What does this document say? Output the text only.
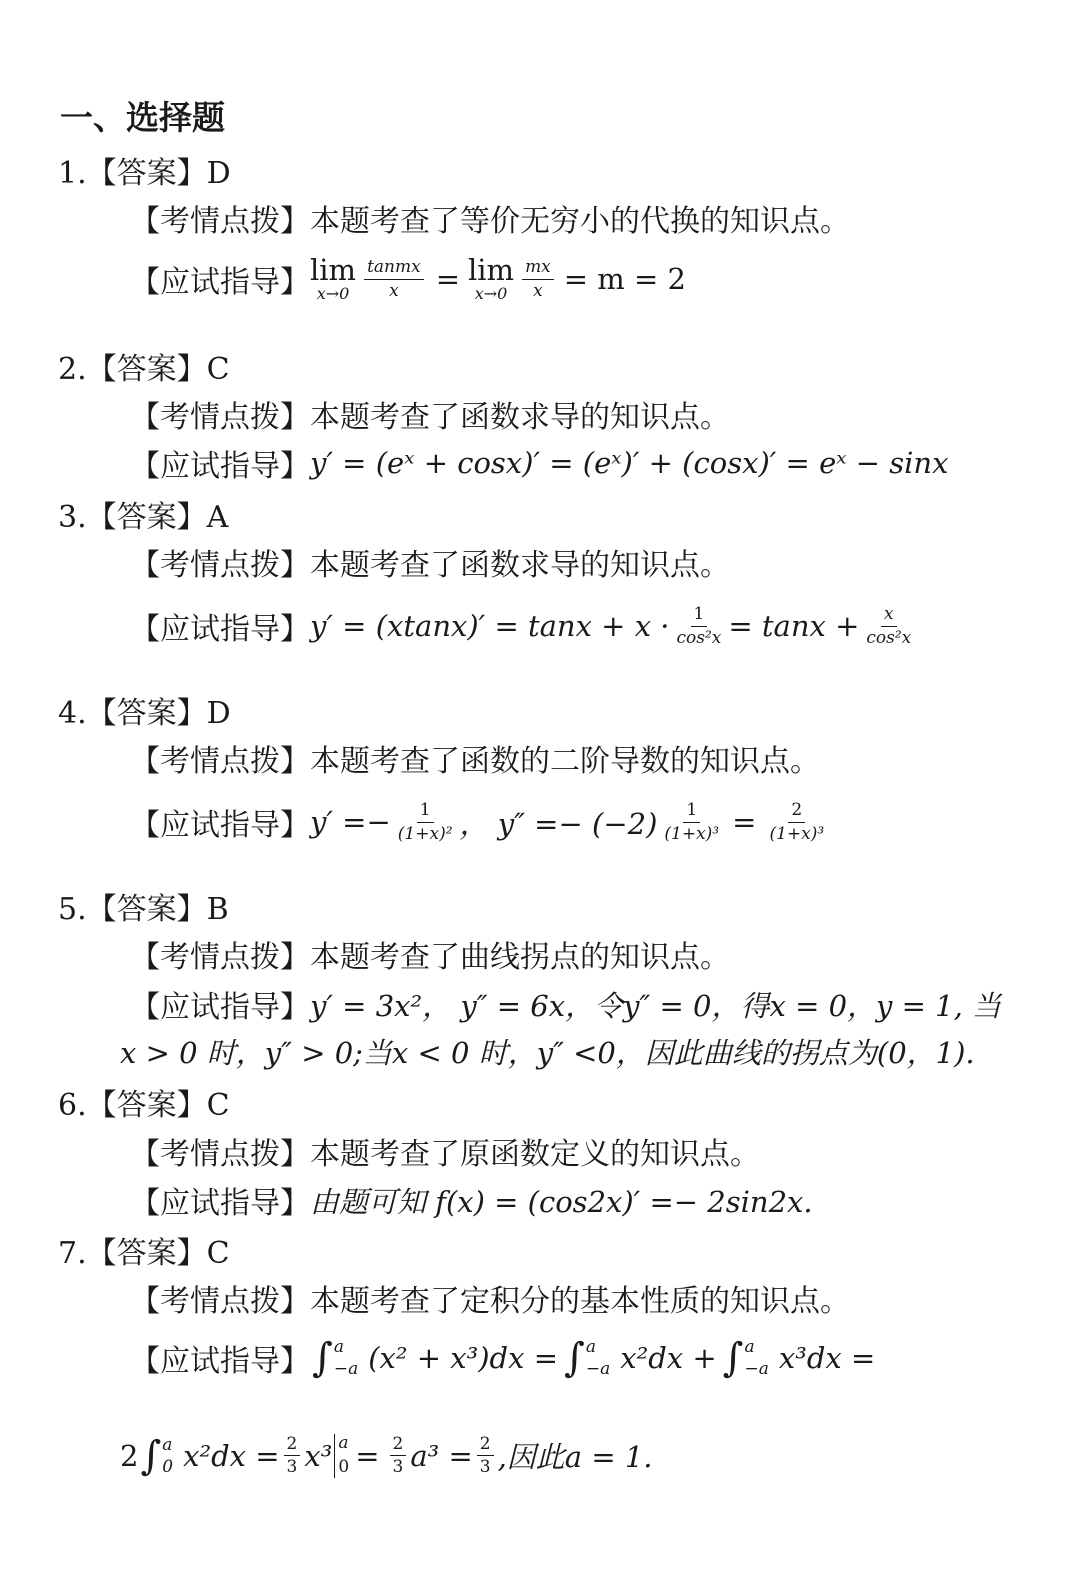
一、选择题
1.【答案】D
【考情点拨】本题考查了等价无穷小的代换的知识点。
【应试指导】 lim
$x\to 0 \frac{\text{tanmx}}{x} = \lim$
$x\to 0 \frac{mx}{x} = m = 2$
2.【答案】C
【考情点拨】本题考查了函数求导的知识点。
【应试指导】 y′ = (eˣ + cosx)′ = (eˣ)′ + (cosx)′ = eˣ − sinx
3.【答案】A
【考情点拨】本题考查了函数求导的知识点。
【应试指导】 $y' = (xtanx)' = \tan x + x \cdot \frac{1}{\text{cos²x}} = \tan x + \frac{x}{\text{cos²x}}$
4.【答案】D
【考情点拨】本题考查了函数的二阶导数的知识点。
【应试指导】 $y' =- \frac{1}{\text{(1+x)²}}$ ， $y'' =- (-2) \frac{1}{\text{(1+x)³}} = \frac{2}{\text{(1+x)³}}$
5.【答案】B
【考情点拨】本题考查了曲线拐点的知识点。
【应试指导】 y′ = 3x²， y″ = 6x，令y″ = 0，得x = 0，y = 1, 当
x > 0 时，y″ > 0;当x < 0 时，y″ <0，因此曲线的拐点为(0，1).
6.【答案】C
【考情点拨】本题考查了原函数定义的知识点。
【应试指导】 由题可知 f(x) = (cos2x)′ =− 2sin2x.
7.【答案】C
【考情点拨】本题考查了定积分的基本性质的知识点。
【应试指导】 ∫ a
−a (x² + x³)dx = ∫ a
−a x²dx + ∫ a
−a x³dx =
2 ∫ a
0 $x^2dx = \frac{2}{3} x^3$ a
$0 = \frac{2}{3} a^3 = \frac{2}{3}$ ,因此a = 1.
